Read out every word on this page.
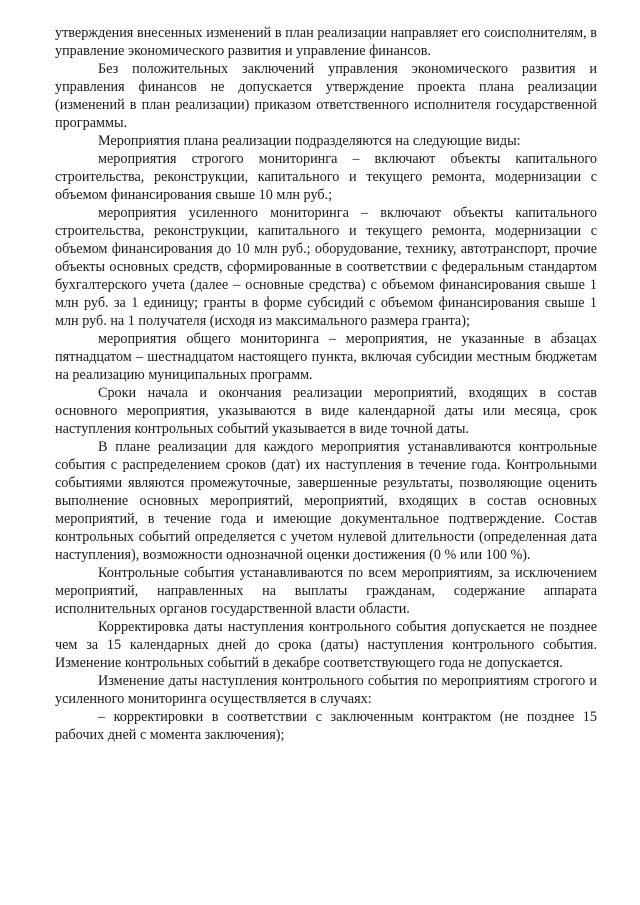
утверждения внесенных изменений в план реализации направляет его соисполнителям, в управление экономического развития и управление финансов.

Без положительных заключений управления экономического развития и управления финансов не допускается утверждение проекта плана реализации (изменений в план реализации) приказом ответственного исполнителя государственной программы.

Мероприятия плана реализации подразделяются на следующие виды:

мероприятия строгого мониторинга – включают объекты капитального строительства, реконструкции, капитального и текущего ремонта, модернизации с объемом финансирования свыше 10 млн руб.;

мероприятия усиленного мониторинга – включают объекты капитального строительства, реконструкции, капитального и текущего ремонта, модернизации с объемом финансирования до 10 млн руб.; оборудование, технику, автотранспорт, прочие объекты основных средств, сформированные в соответствии с федеральным стандартом бухгалтерского учета (далее – основные средства) с объемом финансирования свыше 1 млн руб. за 1 единицу; гранты в форме субсидий с объемом финансирования свыше 1 млн руб. на 1 получателя (исходя из максимального размера гранта);

мероприятия общего мониторинга – мероприятия, не указанные в абзацах пятнадцатом – шестнадцатом настоящего пункта, включая субсидии местным бюджетам на реализацию муниципальных программ.

Сроки начала и окончания реализации мероприятий, входящих в состав основного мероприятия, указываются в виде календарной даты или месяца, срок наступления контрольных событий указывается в виде точной даты.

В плане реализации для каждого мероприятия устанавливаются контрольные события с распределением сроков (дат) их наступления в течение года. Контрольными событиями являются промежуточные, завершенные результаты, позволяющие оценить выполнение основных мероприятий, мероприятий, входящих в состав основных мероприятий, в течение года и имеющие документальное подтверждение. Состав контрольных событий определяется с учетом нулевой длительности (определенная дата наступления), возможности однозначной оценки достижения (0 % или 100 %).

Контрольные события устанавливаются по всем мероприятиям, за исключением мероприятий, направленных на выплаты гражданам, содержание аппарата исполнительных органов государственной власти области.

Корректировка даты наступления контрольного события допускается не позднее чем за 15 календарных дней до срока (даты) наступления контрольного события. Изменение контрольных событий в декабре соответствующего года не допускается.

Изменение даты наступления контрольного события по мероприятиям строгого и усиленного мониторинга осуществляется в случаях:

– корректировки в соответствии с заключенным контрактом (не позднее 15 рабочих дней с момента заключения);
